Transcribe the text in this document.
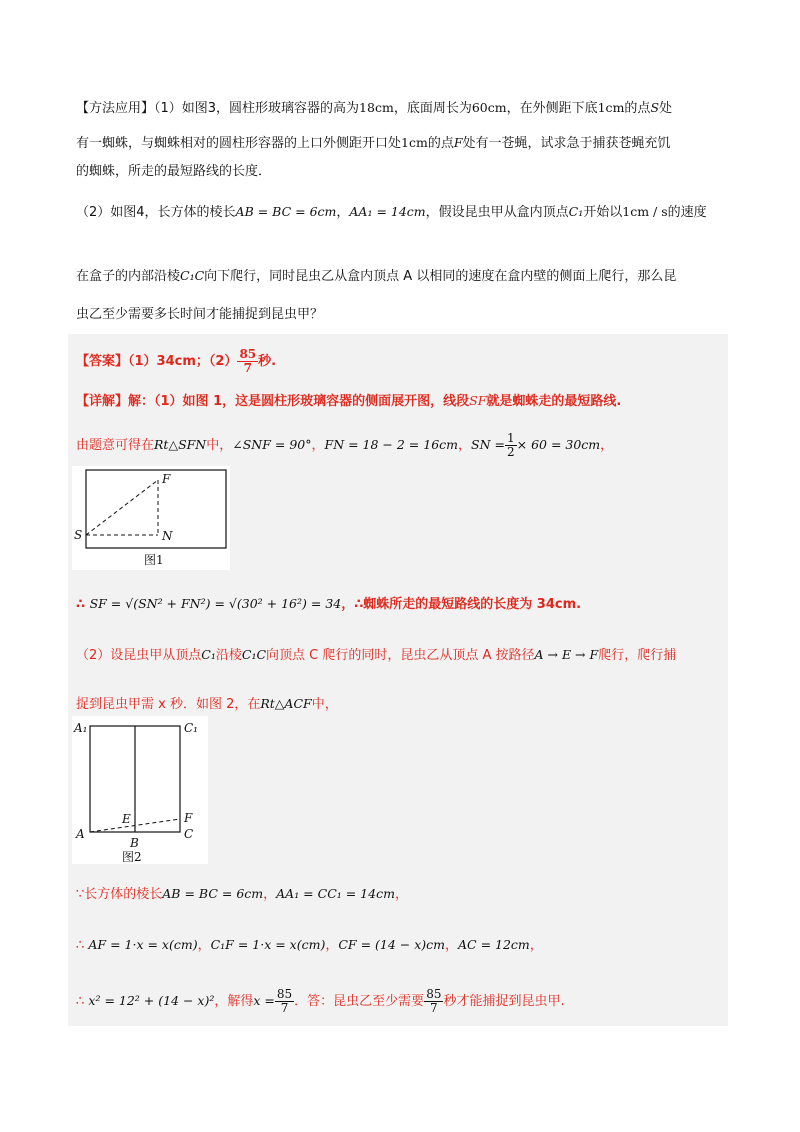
【方法应用】（1）如图3，圆柱形玻璃容器的高为18cm，底面周长为60cm，在外侧距下底1cm的点S处
有一蜘蛛，与蜘蛛相对的圆柱形容器的上口外侧距开口处1cm的点F处有一苍蝇，试求急于捕获苍蝇充饥
的蜘蛛，所走的最短路线的长度．
（2）如图4，长方体的棱长AB = BC = 6cm，AA₁ = 14cm，假设昆虫甲从盒内顶点C₁开始以1cm / s的速度
在盒子的内部沿棱C₁C向下爬行，同时昆虫乙从盒内顶点 A 以相同的速度在盒内壁的侧面上爬行，那么昆
虫乙至少需要多长时间才能捕捉到昆虫甲？
【答案】（1）34cm；$(2) \frac{85}{7}$ 秒.
【详解】解：（1）如图 1，这是圆柱形玻璃容器的侧面展开图，线段SF就是蜘蛛走的最短路线.
由题意可得在Rt△SFN中，∠SNF = 90°，FN = 18 − 2 = 16cm，SN = $\frac{1}{2} \times 60 = 30cm$，
F
S	N
图1
∴ SF = √(SN² + FN²) = √(30² + 16²) = 34，∴蜘蛛所走的最短路线的长度为 34cm.
（2）设昆虫甲从顶点C₁沿棱C₁C向顶点 C 爬行的同时，昆虫乙从顶点 A 按路径A → E → F爬行，爬行捕
捉到昆虫甲需 x 秒．如图 2，在Rt△ACF中，
A₁	C₁
E	F
A	C
B
图2
∵长方体的棱长AB = BC = 6cm，AA₁ = CC₁ = 14cm，
∴ AF = 1·x = x(cm)，C₁F = 1·x = x(cm)，CF = (14 − x)cm，AC = 12cm，
∴ x² = 12² + (14 − x)²，解得$x = \frac{85}{7}$ ．答：昆虫乙至少需要 $\frac{85}{7}$ 秒才能捕捉到昆虫甲.
